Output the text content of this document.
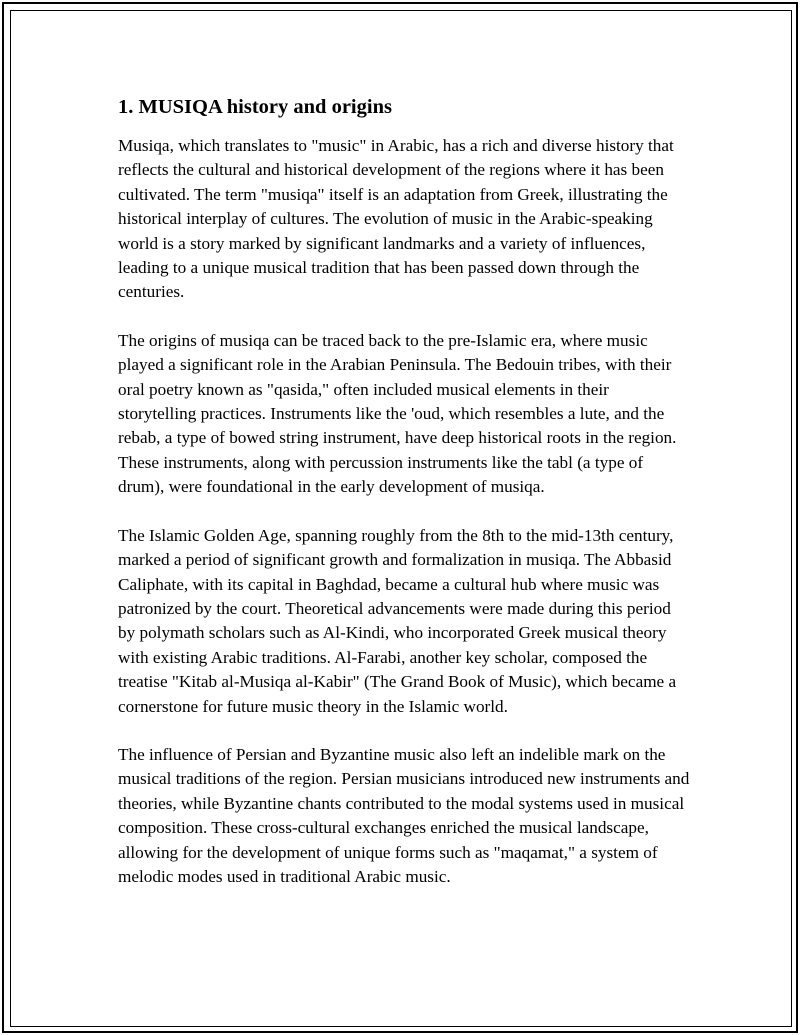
1. MUSIQA history and origins

Musiqa, which translates to "music" in Arabic, has a rich and diverse history that reflects the cultural and historical development of the regions where it has been cultivated. The term "musiqa" itself is an adaptation from Greek, illustrating the historical interplay of cultures. The evolution of music in the Arabic-speaking world is a story marked by significant landmarks and a variety of influences, leading to a unique musical tradition that has been passed down through the centuries.

The origins of musiqa can be traced back to the pre-Islamic era, where music played a significant role in the Arabian Peninsula. The Bedouin tribes, with their oral poetry known as "qasida," often included musical elements in their storytelling practices. Instruments like the 'oud, which resembles a lute, and the rebab, a type of bowed string instrument, have deep historical roots in the region. These instruments, along with percussion instruments like the tabl (a type of drum), were foundational in the early development of musiqa.

The Islamic Golden Age, spanning roughly from the 8th to the mid-13th century, marked a period of significant growth and formalization in musiqa. The Abbasid Caliphate, with its capital in Baghdad, became a cultural hub where music was patronized by the court. Theoretical advancements were made during this period by polymath scholars such as Al-Kindi, who incorporated Greek musical theory with existing Arabic traditions. Al-Farabi, another key scholar, composed the treatise "Kitab al-Musiqa al-Kabir" (The Grand Book of Music), which became a cornerstone for future music theory in the Islamic world.

The influence of Persian and Byzantine music also left an indelible mark on the musical traditions of the region. Persian musicians introduced new instruments and theories, while Byzantine chants contributed to the modal systems used in musical composition. These cross-cultural exchanges enriched the musical landscape, allowing for the development of unique forms such as "maqamat," a system of melodic modes used in traditional Arabic music.
